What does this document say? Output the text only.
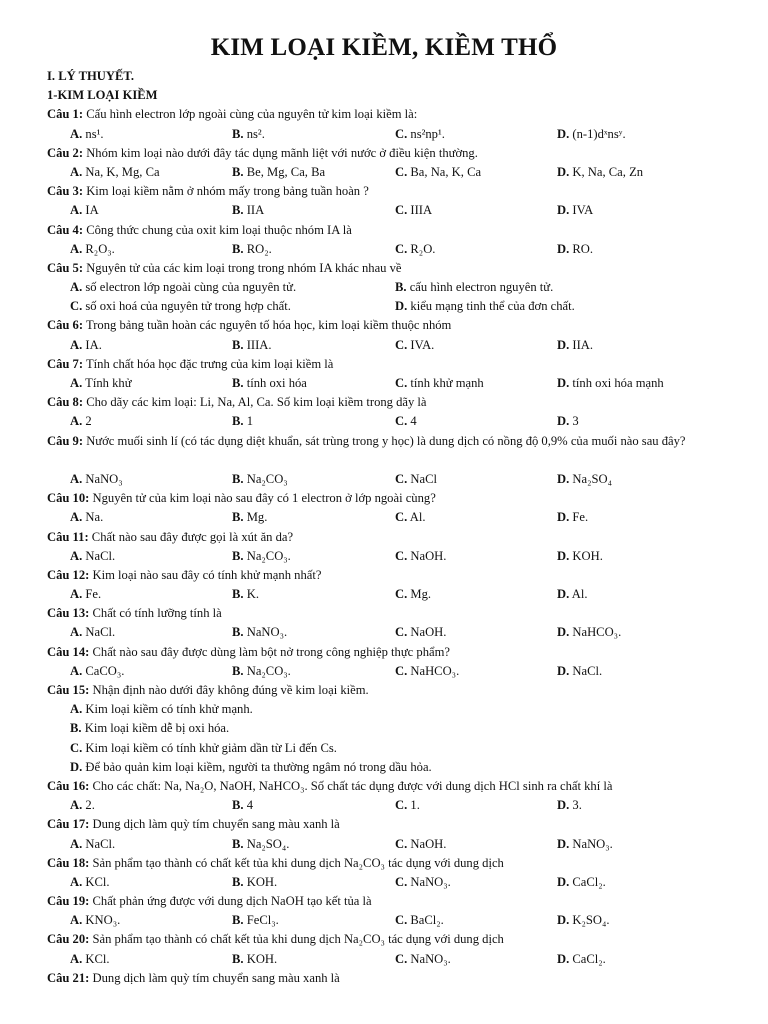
KIM LOẠI KIỀM, KIỀM THỔ
I. LÝ THUYẾT.
1-KIM LOẠI KIỀM
Câu 1: Cấu hình electron lớp ngoài cùng của nguyên tử kim loại kiềm là:
A. ns¹.	B. ns².	C. ns²np¹.	D. (n-1)dˣnsʸ.
Câu 2: Nhóm kim loại nào dưới đây tác dụng mãnh liệt với nước ở điều kiện thường.
A. Na, K, Mg, Ca	B. Be, Mg, Ca, Ba	C. Ba, Na, K, Ca	D. K, Na, Ca, Zn
Câu 3: Kim loại kiềm nằm ở nhóm mấy trong bảng tuần hoàn ?
A. IA	B. IIA	C. IIIA	D. IVA
Câu 4: Công thức chung của oxit kim loại thuộc nhóm IA là
A. R₂O₃.	B. RO₂.	C. R₂O.	D. RO.
Câu 5: Nguyên tử của các kim loại trong trong nhóm IA khác nhau về
A. số electron lớp ngoài cùng của nguyên tử.	B. cấu hình electron nguyên tử.
C. số oxi hoá của nguyên tử trong hợp chất.	D. kiểu mạng tinh thể của đơn chất.
Câu 6: Trong bảng tuần hoàn các nguyên tố hóa học, kim loại kiềm thuộc nhóm
A. IA.	B. IIIA.	C. IVA.	D. IIA.
Câu 7: Tính chất hóa học đặc trưng của kim loại kiềm là
A. Tính khử	B. tính oxi hóa	C. tính khử mạnh	D. tính oxi hóa mạnh
Câu 8: Cho dãy các kim loại: Li, Na, Al, Ca. Số kim loại kiềm trong dãy là
A. 2	B. 1	C. 4	D. 3
Câu 9: Nước muối sinh lí (có tác dụng diệt khuẩn, sát trùng trong y học) là dung dịch có nồng độ 0,9% của muối nào sau đây?
A. NaNO₃	B. Na₂CO₃	C. NaCl	D. Na₂SO₄
Câu 10: Nguyên tử của kim loại nào sau đây có 1 electron ở lớp ngoài cùng?
A. Na.	B. Mg.	C. Al.	D. Fe.
Câu 11: Chất nào sau đây được gọi là xút ăn da?
A. NaCl.	B. Na₂CO₃.	C. NaOH.	D. KOH.
Câu 12: Kim loại nào sau đây có tính khử mạnh nhất?
A. Fe.	B. K.	C. Mg.	D. Al.
Câu 13: Chất có tính lưỡng tính là
A. NaCl.	B. NaNO₃.	C. NaOH.	D. NaHCO₃.
Câu 14: Chất nào sau đây được dùng làm bột nở trong công nghiệp thực phẩm?
A. CaCO₃.	B. Na₂CO₃.	C. NaHCO₃.	D. NaCl.
Câu 15: Nhận định nào dưới đây không đúng về kim loại kiềm.
A. Kim loại kiềm có tính khử mạnh.
B. Kim loại kiềm dễ bị oxi hóa.
C. Kim loại kiềm có tính khử giảm dần từ Li đến Cs.
D. Để bảo quản kim loại kiềm, người ta thường ngâm nó trong dầu hỏa.
Câu 16: Cho các chất: Na, Na₂O, NaOH, NaHCO₃. Số chất tác dụng được với dung dịch HCl sinh ra chất khí là
A. 2.	B. 4	C. 1.	D. 3.
Câu 17: Dung dịch làm quỳ tím chuyển sang màu xanh là
A. NaCl.	B. Na₂SO₄.	C. NaOH.	D. NaNO₃.
Câu 18: Sản phẩm tạo thành có chất kết tủa khi dung dịch Na₂CO₃ tác dụng với dung dịch
A. KCl.	B. KOH.	C. NaNO₃.	D. CaCl₂.
Câu 19: Chất phản ứng được với dung dịch NaOH tạo kết tủa là
A. KNO₃.	B. FeCl₃.	C. BaCl₂.	D. K₂SO₄.
Câu 20: Sản phẩm tạo thành có chất kết tủa khi dung dịch Na₂CO₃ tác dụng với dung dịch
A. KCl.	B. KOH.	C. NaNO₃.	D. CaCl₂.
Câu 21: Dung dịch làm quỳ tím chuyển sang màu xanh là
